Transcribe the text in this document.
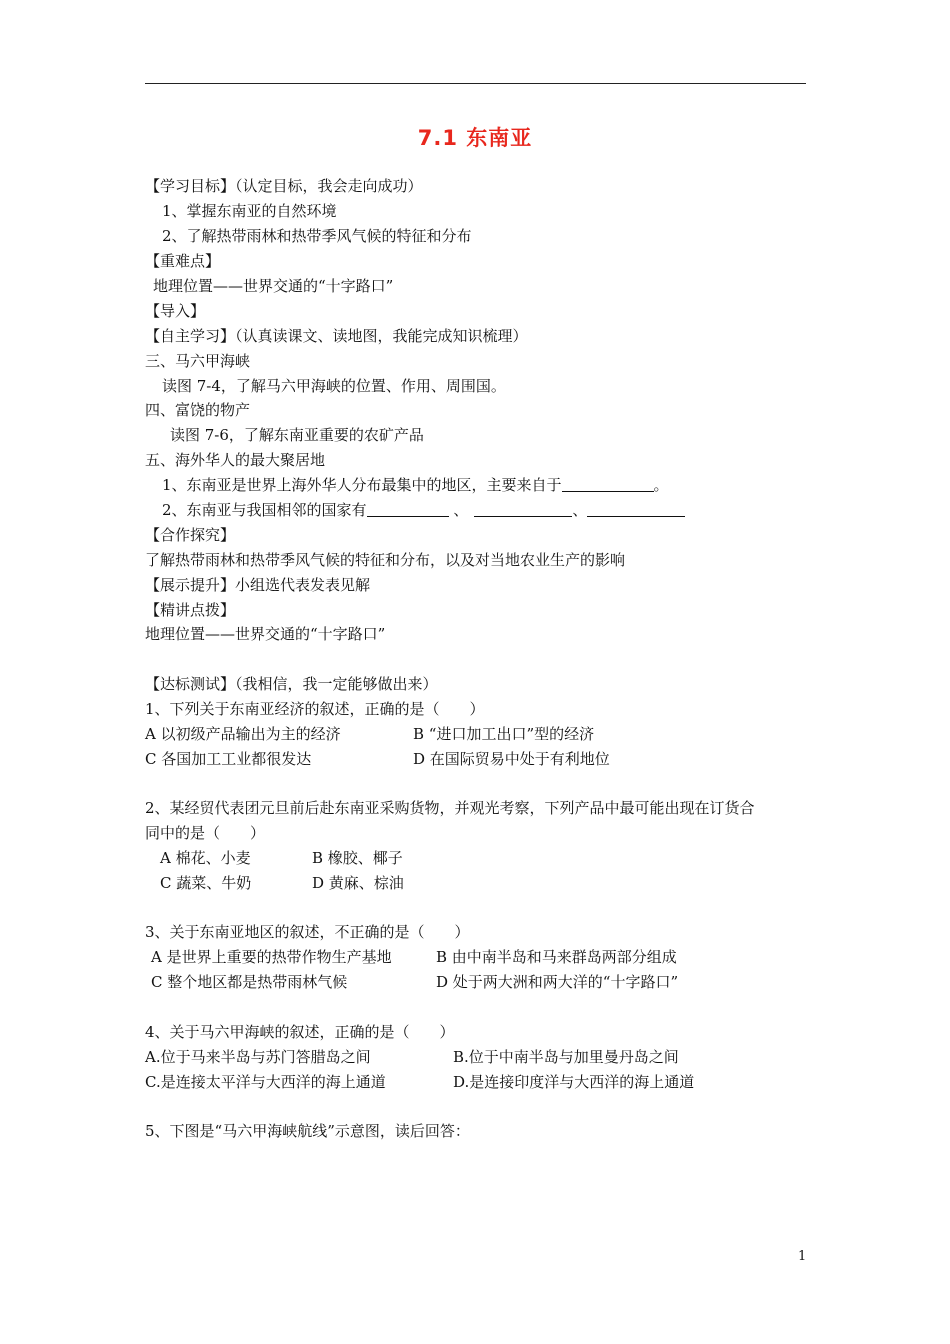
7.1 东南亚
【学习目标】（认定目标，我会走向成功）
1、掌握东南亚的自然环境
2、了解热带雨林和热带季风气候的特征和分布
【重难点】
地理位置——世界交通的“十字路口”
【导入】
【自主学习】（认真读课文、读地图，我能完成知识梳理）
三、马六甲海峡
读图 7-4，了解马六甲海峡的位置、作用、周围国。
四、富饶的物产
读图 7-6，了解东南亚重要的农矿产品
五、海外华人的最大聚居地
1、东南亚是世界上海外华人分布最集中的地区，主要来自于	。
2、东南亚与我国相邻的国家有	、	、
【合作探究】
了解热带雨林和热带季风气候的特征和分布，以及对当地农业生产的影响
【展示提升】小组选代表发表见解
【精讲点拨】
地理位置——世界交通的“十字路口”
【达标测试】（我相信，我一定能够做出来）
1、下列关于东南亚经济的叙述，正确的是（　　）
A 以初级产品输出为主的经济	B “进口加工出口”型的经济
C 各国加工工业都很发达	D 在国际贸易中处于有利地位
2、某经贸代表团元旦前后赴东南亚采购货物，并观光考察，下列产品中最可能出现在订货合
同中的是（　　）
A 棉花、小麦	B 橡胶、椰子
C 蔬菜、牛奶	D 黄麻、棕油
3、关于东南亚地区的叙述，不正确的是（　　）
A 是世界上重要的热带作物生产基地	B 由中南半岛和马来群岛两部分组成
C 整个地区都是热带雨林气候	D 处于两大洲和两大洋的“十字路口”
4、关于马六甲海峡的叙述，正确的是（　　）
A.位于马来半岛与苏门答腊岛之间	B.位于中南半岛与加里曼丹岛之间
C.是连接太平洋与大西洋的海上通道	D.是连接印度洋与大西洋的海上通道
5、下图是“马六甲海峡航线”示意图，读后回答：
1
